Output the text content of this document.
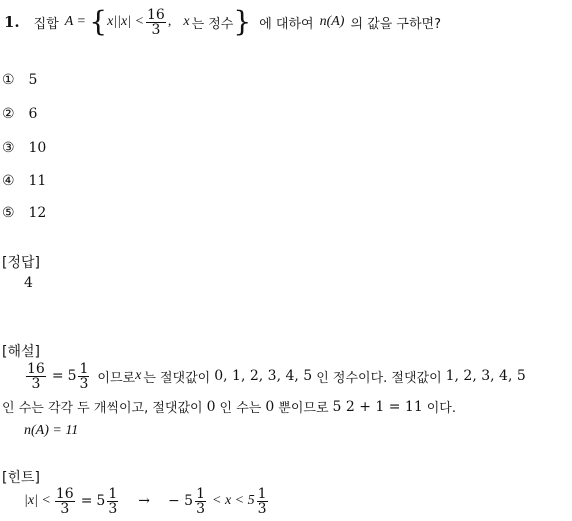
1. 집합 A = { $x||x| < \frac{16}{3}$ , x 는 정수 } 에 대하여 n(A) 의 값을 구하면?
① 5
② 6
③ 10
④ 11
⑤ 12
[정답]
4
[해설]
$\frac{16}{3} = 5 \frac{1}{3}$ 이므로 x 는 절댓값이 0, 1, 2, 3, 4, 5 인 정수이다. 절댓값이 1, 2, 3, 4, 5
인 수는 각각 두 개씩이고, 절댓값이 0 인 수는 0 뿐이므로 5 2 + 1 = 11 이다.
n(A) = 11
[힌트]
$|x| < \frac{16}{3} = 5 \frac{1}{3}$ → − $5 \frac{1}{3} < x < 5 \frac{1}{3}$
